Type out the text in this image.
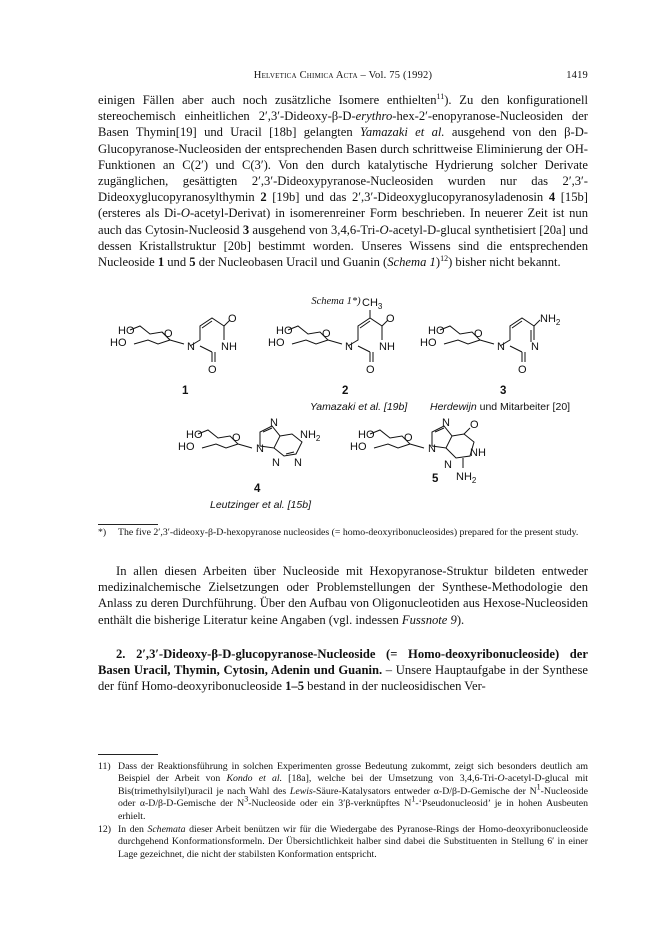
Helvetica Chimica Acta – Vol. 75 (1992)	1419

einigen Fällen aber auch noch zusätzliche Isomere enthielten$^{11}$). Zu den konfigurationell stereochemisch einheitlichen 2′,3′-Dideoxy-β-D-erythro-hex-2′-enopyranose-Nucleosiden der Basen Thymin[19] und Uracil [18b] gelangten Yamazaki et al. ausgehend von den β-D-Glucopyranose-Nucleosiden der entsprechenden Basen durch schrittweise Eliminierung der OH-Funktionen an C(2′) und C(3′). Von den durch katalytische Hydrierung solcher Derivate zugänglichen, gesättigten 2′,3′-Dideoxypyranose-Nucleosiden wurden nur das 2′,3′-Dideoxyglucopyranosylthymin 2 [19b] und das 2′,3′-Dideoxyglucopyranosyladenosin 4 [15b] (ersteres als Di-O-acetyl-Derivat) in isomerenreiner Form beschrieben. In neuerer Zeit ist nun auch das Cytosin-Nucleosid 3 ausgehend von 3,4,6-Tri-O-acetyl-D-glucal synthetisiert [20a] und dessen Kristallstruktur [20b] bestimmt worden. Unseres Wissens sind die entsprechenden Nucleoside 1 und 5 der Nucleobasen Uracil und Guanin (Schema 1)$^{12}$) bisher nicht bekannt.

Schema 1*)
HO
HO
O
N NH
O
O
1
HO
HO
O
$CH_3$
N NH
O
O
2
Yamazaki et al. [19b]
HO
HO
O
N N
$NH_2$
O
3
Herdewijn und Mitarbeiter [20]
HO
HO
O
N
N
N N
$NH_2$
4
Leutzinger et al. [15b]
HO
HO
O
N
N
N
O
NH
$NH_2$
5
*) The five 2′,3′-dideoxy-β-D-hexopyranose nucleosides (= homo-deoxyribonucleosides) prepared for the present study.

In allen diesen Arbeiten über Nucleoside mit Hexopyranose-Struktur bildeten entweder medizinalchemische Zielsetzungen oder Problemstellungen der Synthese-Methodologie den Anlass zu deren Durchführung. Über den Aufbau von Oligonucleotiden aus Hexose-Nucleosiden enthält die bisherige Literatur keine Angaben (vgl. indessen Fussnote 9).

2. 2′,3′-Dideoxy-β-D-glucopyranose-Nucleoside (= Homo-deoxyribonucleoside) der Basen Uracil, Thymin, Cytosin, Adenin und Guanin. – Unsere Hauptaufgabe in der Synthese der fünf Homo-deoxyribonucleoside 1–5 bestand in der nucleosidischen Ver-

11) Dass der Reaktionsführung in solchen Experimenten grosse Bedeutung zukommt, zeigt sich besonders deutlich am Beispiel der Arbeit von Kondo et al. [18a], welche bei der Umsetzung von 3,4,6-Tri-O-acetyl-D-glucal mit Bis(trimethylsilyl)uracil je nach Wahl des Lewis-Säure-Katalysators entweder α-D/β-D-Gemische der $N^1$-Nucleoside oder α-D/β-D-Gemische der $N^3$-Nucleoside oder ein 3′β-verknüpftes $N^1-‘Pseudonucleosid$’ je in hohen Ausbeuten erhielt.
12) In den Schemata dieser Arbeit benützen wir für die Wiedergabe des Pyranose-Rings der Homo-deoxyribonucleoside durchgehend Konformationsformeln. Der Übersichtlichkeit halber sind dabei die Substituenten in Stellung 6′ in einer Lage gezeichnet, die nicht der stabilsten Konformation entspricht.
